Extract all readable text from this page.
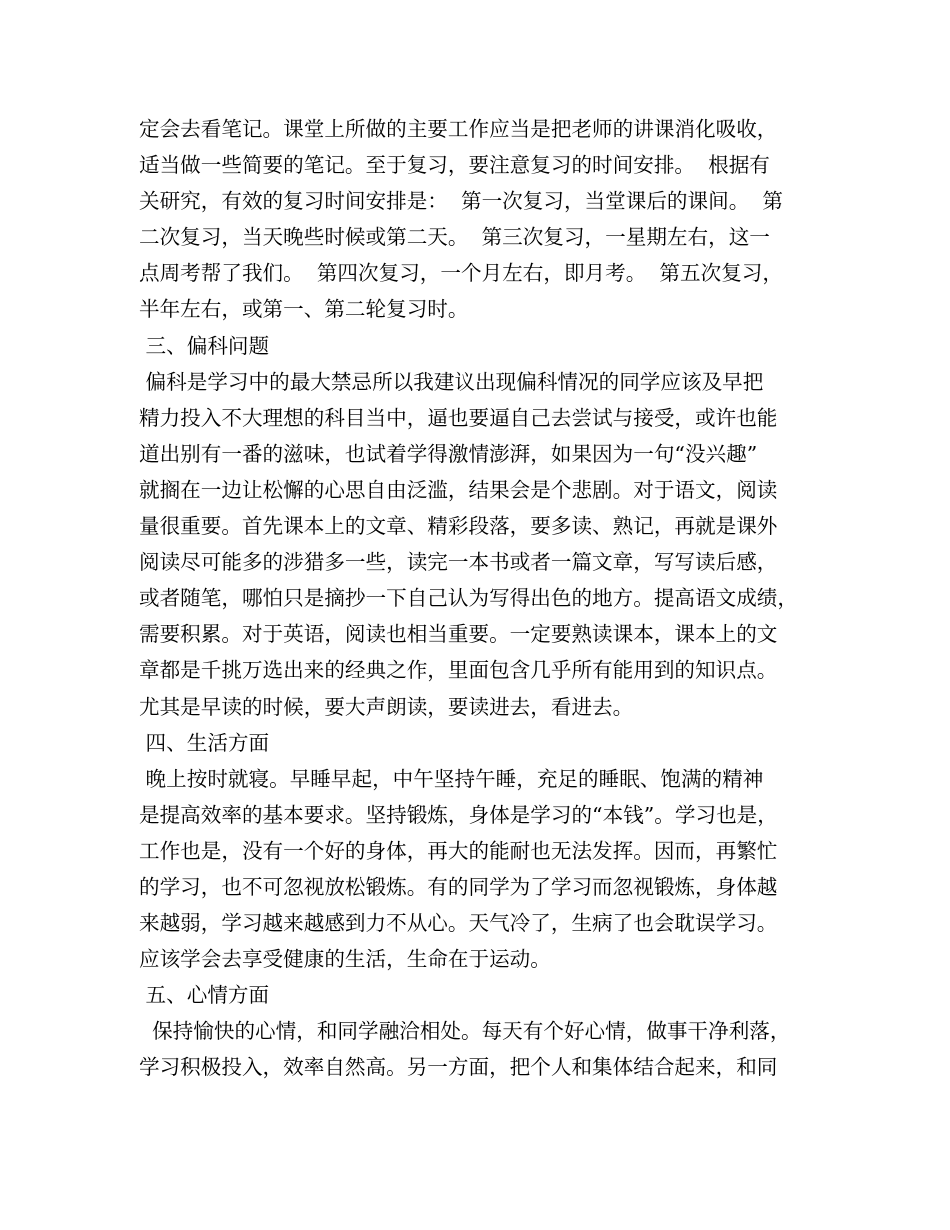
定会去看笔记。课堂上所做的主要工作应当是把老师的讲课消化吸收，
适当做一些简要的笔记。至于复习，要注意复习的时间安排。  根据有
关研究，有效的复习时间安排是：  第一次复习，当堂课后的课间。  第
二次复习，当天晚些时候或第二天。  第三次复习，一星期左右，这一
点周考帮了我们。  第四次复习，一个月左右，即月考。  第五次复习，
半年左右，或第一、第二轮复习时。
三、偏科问题
偏科是学习中的最大禁忌所以我建议出现偏科情况的同学应该及早把
精力投入不大理想的科目当中，逼也要逼自己去尝试与接受，或许也能
道出别有一番的滋味，也试着学得激情澎湃，如果因为一句“没兴趣”
就搁在一边让松懈的心思自由泛滥，结果会是个悲剧。对于语文，阅读
量很重要。首先课本上的文章、精彩段落，要多读、熟记，再就是课外
阅读尽可能多的涉猎多一些，读完一本书或者一篇文章，写写读后感，
或者随笔，哪怕只是摘抄一下自己认为写得出色的地方。提高语文成绩，
需要积累。对于英语，阅读也相当重要。一定要熟读课本，课本上的文
章都是千挑万选出来的经典之作，里面包含几乎所有能用到的知识点。
尤其是早读的时候，要大声朗读，要读进去，看进去。
四、生活方面
晚上按时就寝。早睡早起，中午坚持午睡，充足的睡眠、饱满的精神
是提高效率的基本要求。坚持锻炼，身体是学习的“本钱”。学习也是，
工作也是，没有一个好的身体，再大的能耐也无法发挥。因而，再繁忙
的学习，也不可忽视放松锻炼。有的同学为了学习而忽视锻炼，身体越
来越弱，学习越来越感到力不从心。天气冷了，生病了也会耽误学习。
应该学会去享受健康的生活，生命在于运动。
五、心情方面
保持愉快的心情，和同学融洽相处。每天有个好心情，做事干净利落，
学习积极投入，效率自然高。另一方面，把个人和集体结合起来，和同
